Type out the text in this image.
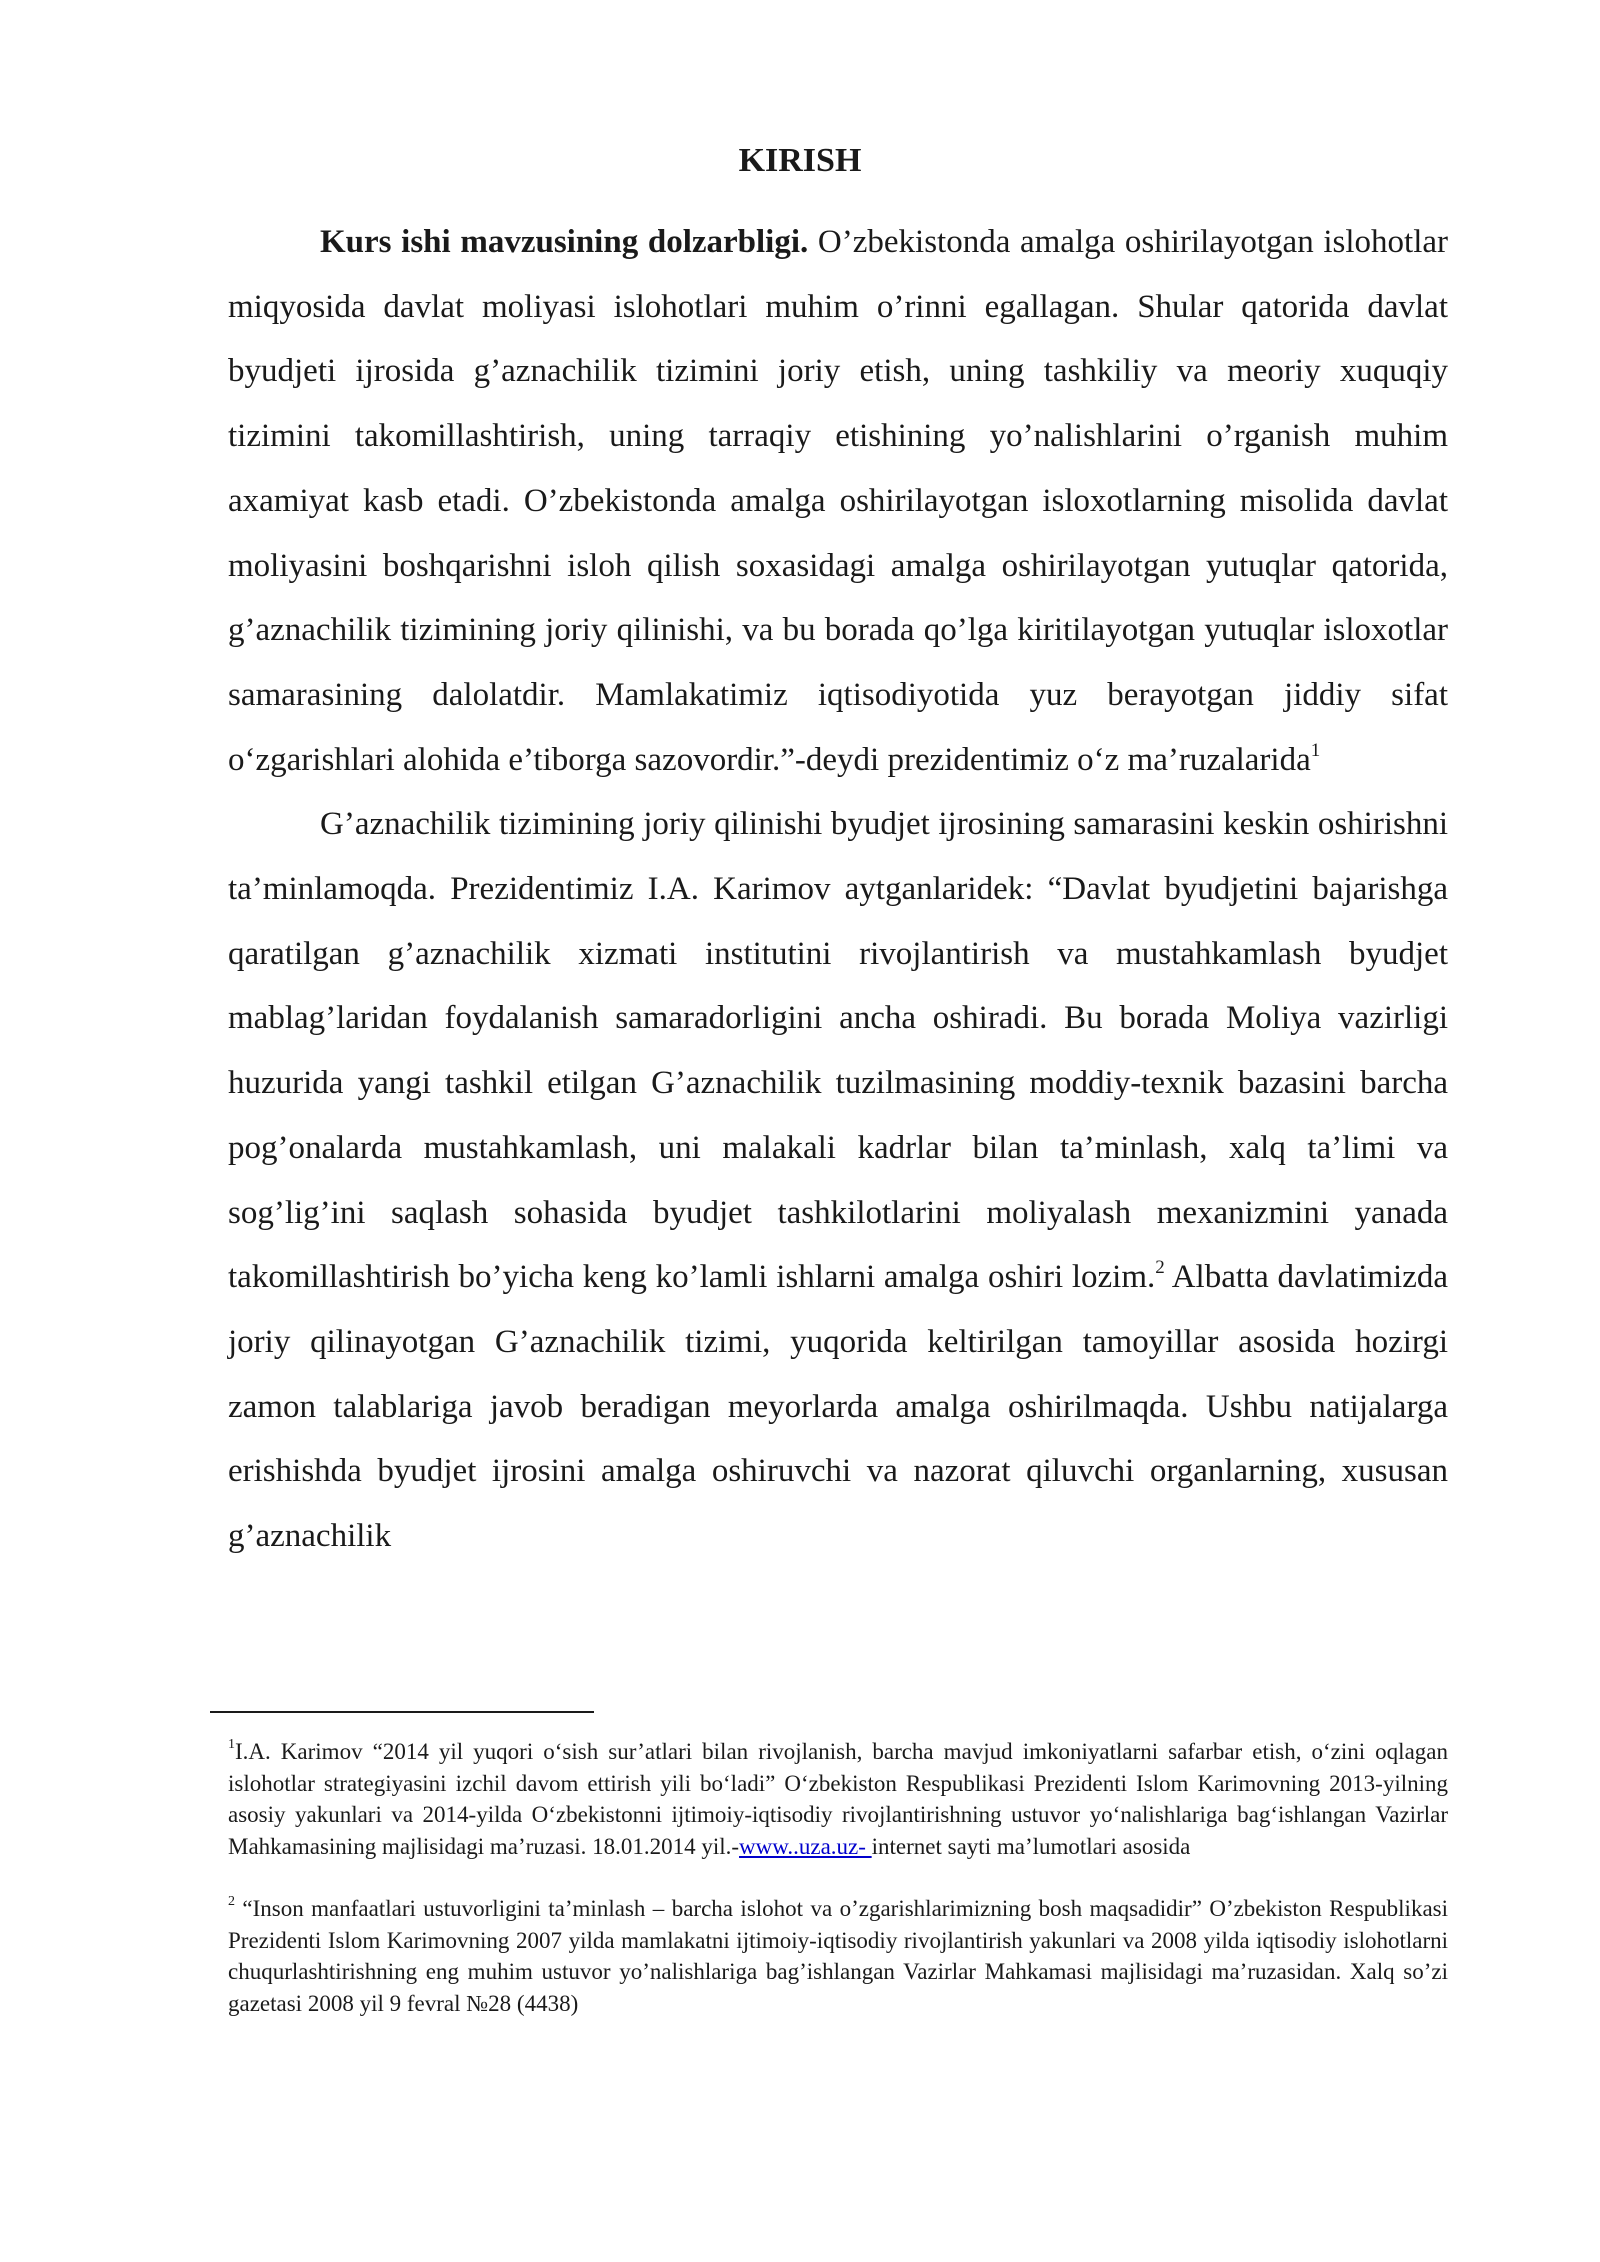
KIRISH

Kurs ishi mavzusining dolzarbligi. O’zbekistonda amalga oshirilayotgan islohotlar miqyosida davlat moliyasi islohotlari muhim o’rinni egallagan. Shular qatorida davlat byudjeti ijrosida g’aznachilik tizimini joriy etish, uning tashkiliy va meoriy xuquqiy tizimini takomillashtirish, uning tarraqiy etishining yo’nalishlarini o’rganish muhim axamiyat kasb etadi. O’zbekistonda amalga oshirilayotgan isloxotlarning misolida davlat moliyasini boshqarishni isloh qilish soxasidagi amalga oshirilayotgan yutuqlar qatorida, g’aznachilik tizimining joriy qilinishi, va bu borada qo’lga kiritilayotgan yutuqlar isloxotlar samarasining dalolatdir. Mamlakatimiz iqtisodiyotida yuz berayotgan jiddiy sifat o‘zgarishlari alohida e’tiborga sazovordir.”-deydi prezidentimiz o‘z ma’ruzalarida$^1$

G’aznachilik tizimining joriy qilinishi byudjet ijrosining samarasini keskin oshirishni ta’minlamoqda. Prezidentimiz I.A. Karimov aytganlaridek: “Davlat byudjetini bajarishga qaratilgan g’aznachilik xizmati institutini rivojlantirish va mustahkamlash byudjet mablag’laridan foydalanish samaradorligini ancha oshiradi. Bu borada Moliya vazirligi huzurida yangi tashkil etilgan G’aznachilik tuzilmasining moddiy-texnik bazasini barcha pog’onalarda mustahkamlash, uni malakali kadrlar bilan ta’minlash, xalq ta’limi va sog’lig’ini saqlash sohasida byudjet tashkilotlarini moliyalash mexanizmini yanada takomillashtirish bo’yicha keng ko’lamli ishlarni amalga oshiri lozim.$^2$ Albatta davlatimizda joriy qilinayotgan G’aznachilik tizimi, yuqorida keltirilgan tamoyillar asosida hozirgi zamon talablariga javob beradigan meyorlarda amalga oshirilmaqda. Ushbu natijalarga erishishda byudjet ijrosini amalga oshiruvchi va nazorat qiluvchi organlarning, xususan g’aznachilik

$^1$I.A. Karimov “2014 yil yuqori o‘sish sur’atlari bilan rivojlanish, barcha mavjud imkoniyatlarni safarbar etish, o‘zini oqlagan islohotlar strategiyasini izchil davom ettirish yili bo‘ladi” O‘zbekiston Respublikasi Prezidenti Islom Karimovning 2013-yilning asosiy yakunlari va 2014-yilda O‘zbekistonni ijtimoiy-iqtisodiy rivojlantirishning ustuvor yo‘nalishlariga bag‘ishlangan Vazirlar Mahkamasining majlisidagi ma’ruzasi. 18.01.2014 yil.-www..uza.uz- internet sayti ma’lumotlari asosida

$^2$ “Inson manfaatlari ustuvorligini ta’minlash – barcha islohot va o’zgarishlarimizning bosh maqsadidir” O’zbekiston Respublikasi Prezidenti Islom Karimovning 2007 yilda mamlakatni ijtimoiy-iqtisodiy rivojlantirish yakunlari va 2008 yilda iqtisodiy islohotlarni chuqurlashtirishning eng muhim ustuvor yo’nalishlariga bag’ishlangan Vazirlar Mahkamasi majlisidagi ma’ruzasidan. Xalq so’zi gazetasi 2008 yil 9 fevral №28 (4438)
